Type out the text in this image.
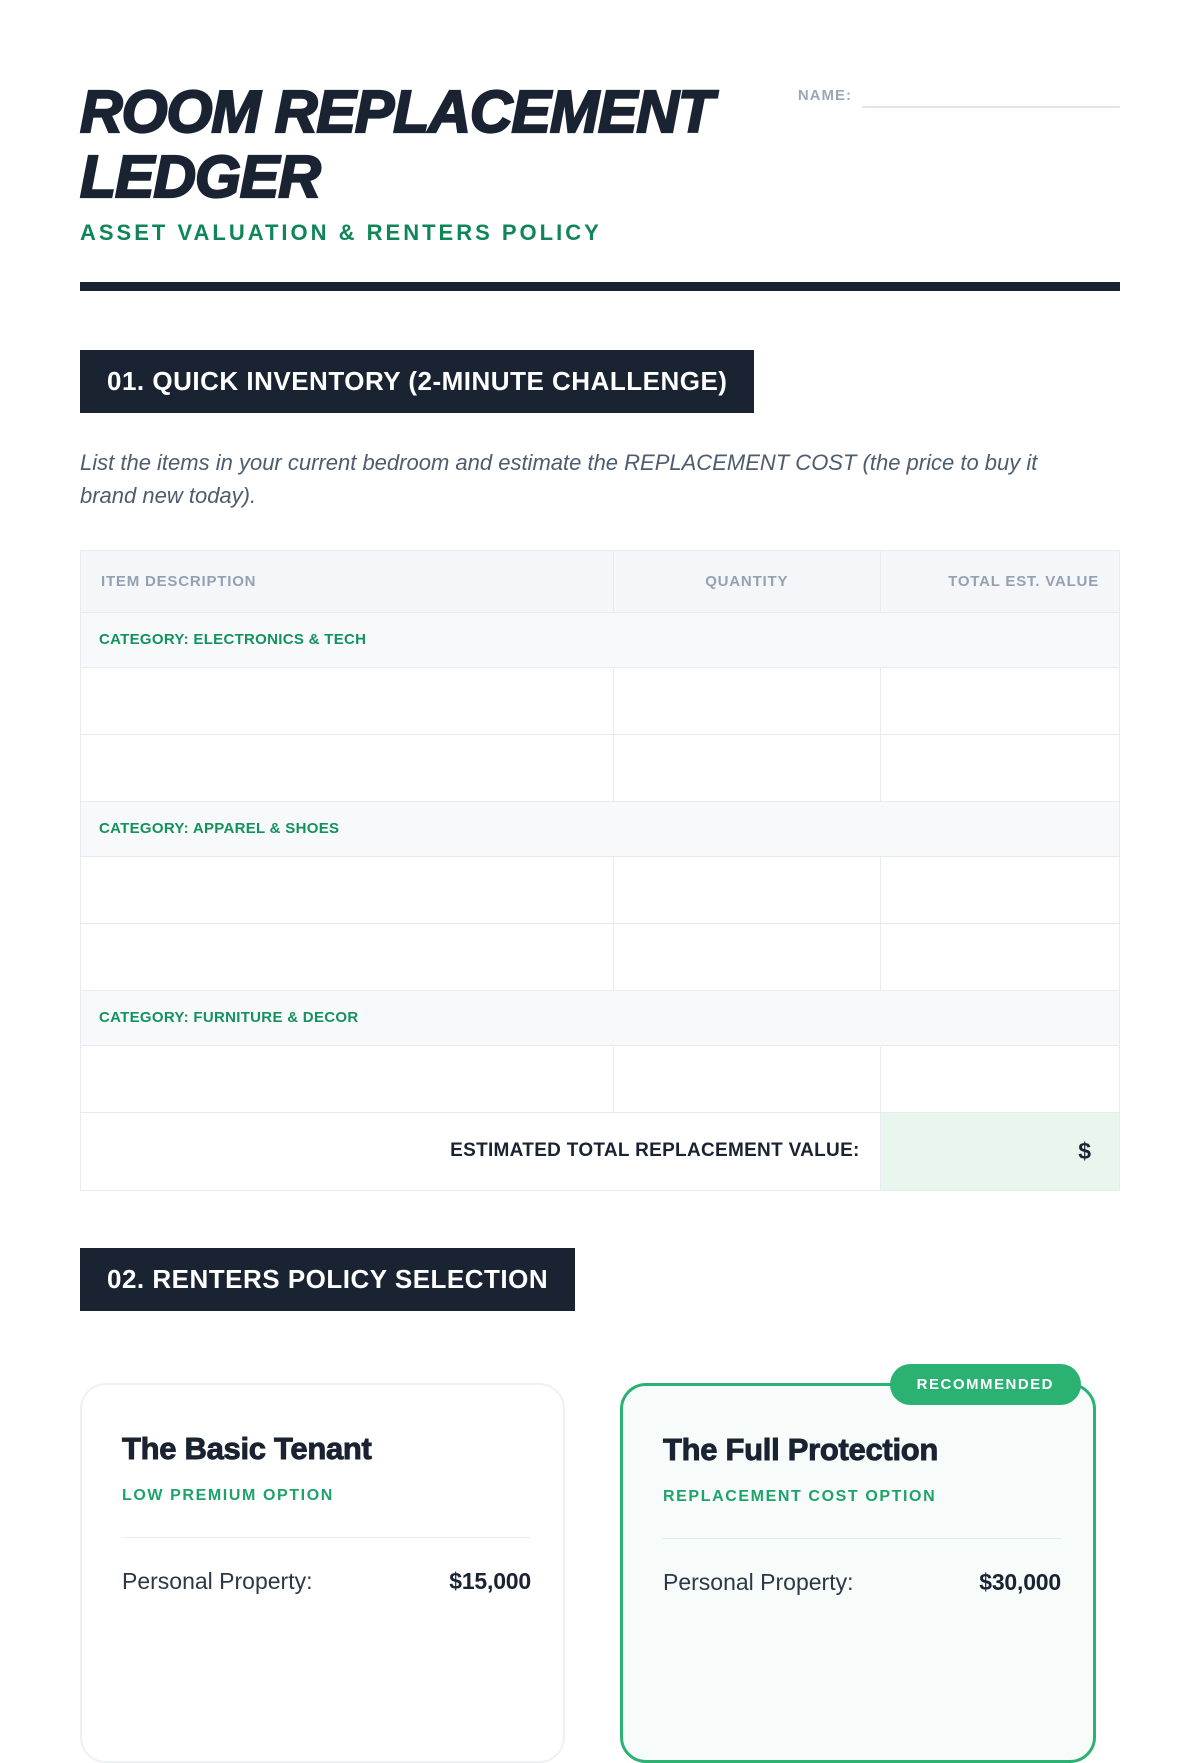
ROOM REPLACEMENT
LEDGER
ASSET VALUATION & RENTERS POLICY
NAME:
01. QUICK INVENTORY (2-MINUTE CHALLENGE)

List the items in your current bedroom and estimate the REPLACEMENT COST (the price to buy it brand new today).

ITEM DESCRIPTION	QUANTITY	TOTAL EST. VALUE
CATEGORY: ELECTRONICS & TECH		

CATEGORY: APPAREL & SHOES		

CATEGORY: FURNITURE & DECOR		

ESTIMATED TOTAL REPLACEMENT VALUE:		$
02. RENTERS POLICY SELECTION
The Basic Tenant
LOW PREMIUM OPTION
Personal Property:	$15,000
RECOMMENDED
The Full Protection
REPLACEMENT COST OPTION
Personal Property:	$30,000
